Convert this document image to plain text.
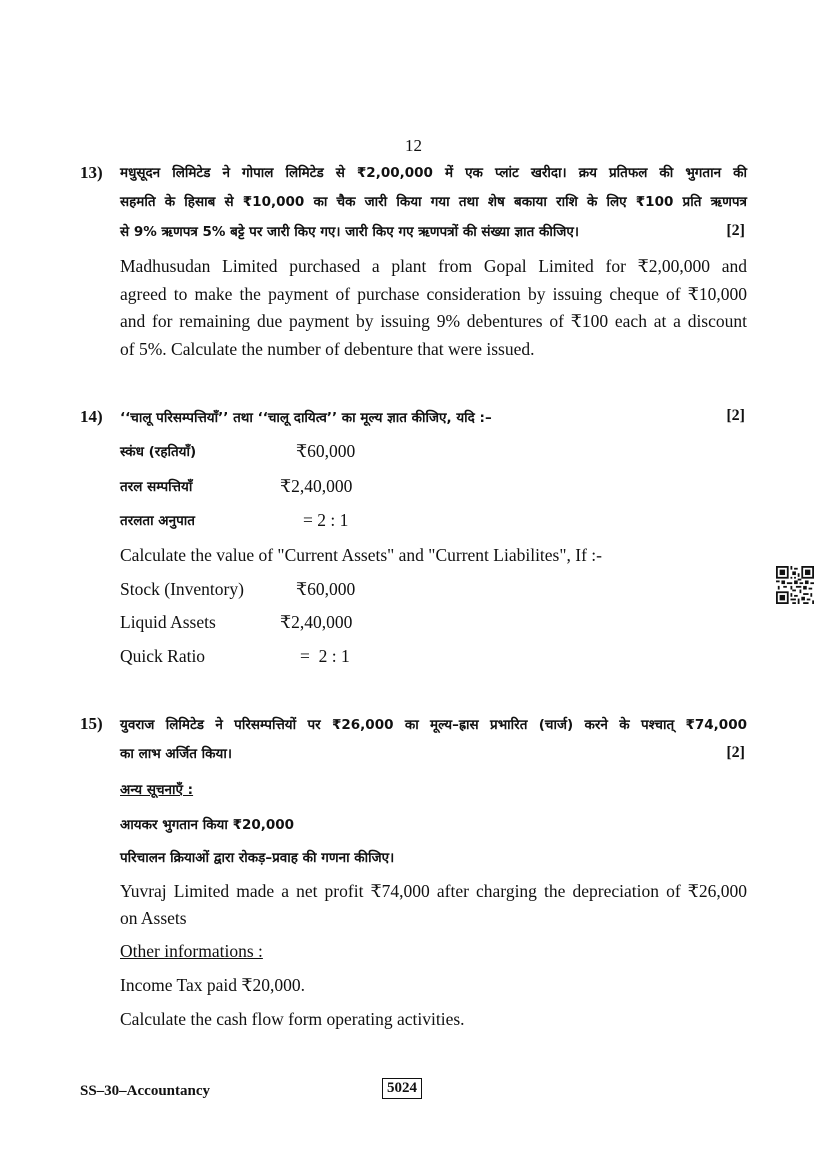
12
13) मधुसूदन लिमिटेड ने गोपाल लिमिटेड से ₹2,00,000 में एक प्लांट खरीदा। क्रय प्रतिफल की भुगतान की
सहमति के हिसाब से ₹10,000 का चैक जारी किया गया तथा शेष बकाया राशि के लिए ₹100 प्रति ऋणपत्र
से 9% ऋणपत्र 5% बट्टे पर जारी किए गए। जारी किए गए ऋणपत्रों की संख्या ज्ञात कीजिए।	[2]
Madhusudan Limited purchased a plant from Gopal Limited for ₹2,00,000 and
agreed to make the payment of purchase consideration by issuing cheque of ₹10,000
and for remaining due payment by issuing 9% debentures of ₹100 each at a discount
of 5%. Calculate the number of debenture that were issued.
14) ‘‘चालू परिसम्पत्तियाँ’’ तथा ‘‘चालू दायित्व’’ का मूल्य ज्ञात कीजिए, यदि :–	[2]
स्कंध (रहतियाँ)	₹60,000
तरल सम्पत्तियाँ	₹2,40,000
तरलता अनुपात	= 2 : 1
Calculate the value of "Current Assets" and "Current Liabilites", If :-
Stock (Inventory)	₹60,000
Liquid Assets	₹2,40,000
Quick Ratio	=  2 : 1
15) युवराज लिमिटेड ने परिसम्पत्तियों पर ₹26,000 का मूल्य–ह्रास प्रभारित (चार्ज) करने के पश्चात् ₹74,000
का लाभ अर्जित किया।	[2]
अन्य सूचनाएँ :
आयकर भुगतान किया ₹20,000
परिचालन क्रियाओं द्वारा रोकड़–प्रवाह की गणना कीजिए।
Yuvraj Limited made a net profit ₹74,000 after charging the depreciation of ₹26,000
on Assets
Other informations :
Income Tax paid ₹20,000.
Calculate the cash flow form operating activities.
SS–30–Accountancy	5024
